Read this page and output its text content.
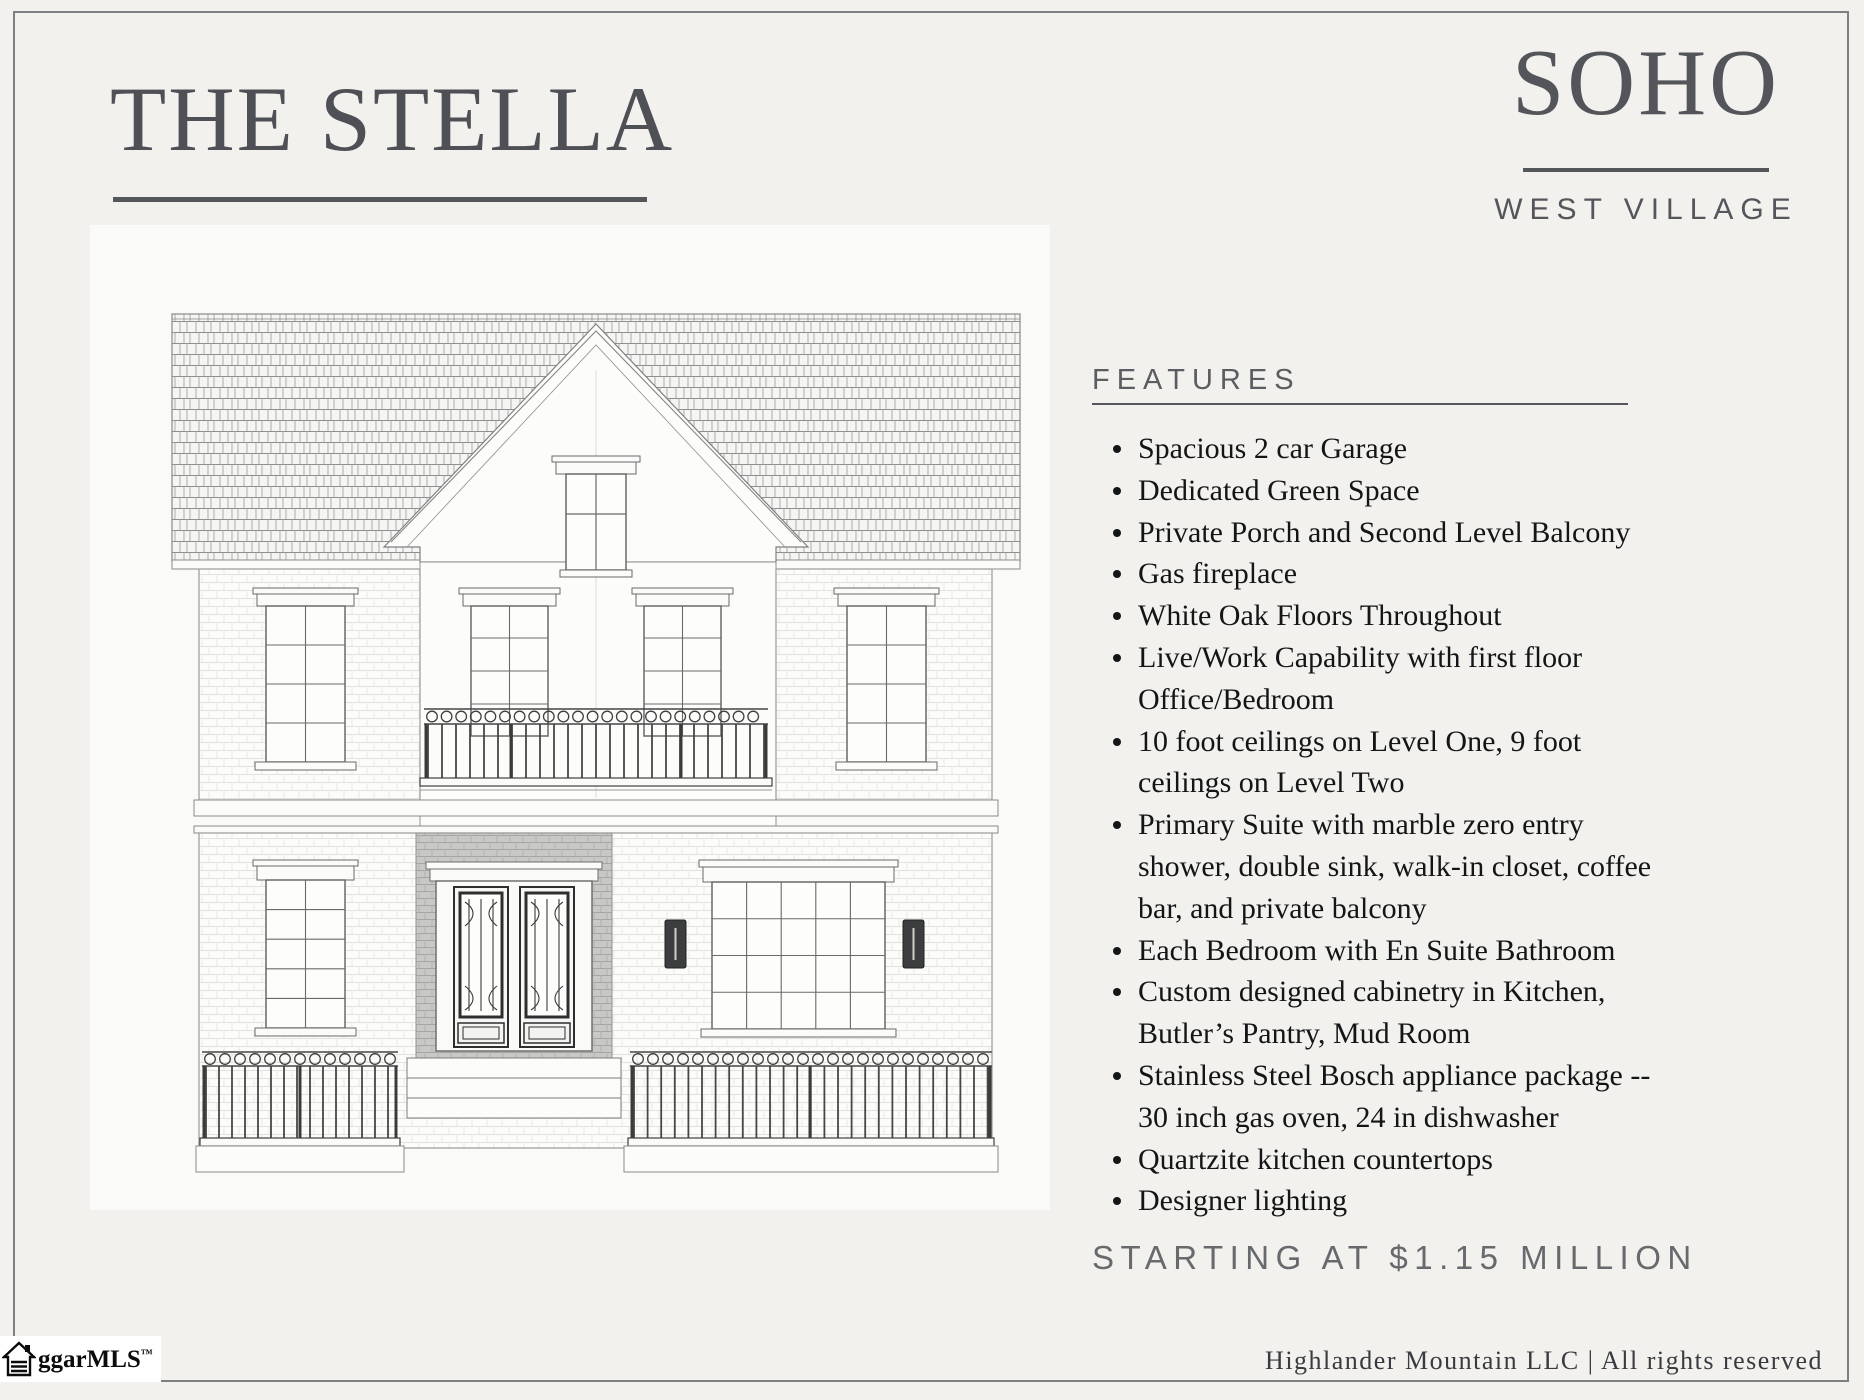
THE STELLA	SOHO
WEST VILLAGE
FEATURES
Spacious 2 car Garage
Dedicated Green Space
Private Porch and Second Level Balcony
Gas fireplace
White Oak Floors Throughout
Live/Work Capability with first floor
Office/Bedroom
10 foot ceilings on Level One, 9 foot
ceilings on Level Two
Primary Suite with marble zero entry
shower, double sink, walk-in closet, coffee
bar, and private balcony
Each Bedroom with En Suite Bathroom
Custom designed cabinetry in Kitchen,
Butler’s Pantry, Mud Room
Stainless Steel Bosch appliance package --
30 inch gas oven, 24 in dishwasher
Quartzite kitchen countertops
Designer lighting
STARTING AT $1.15 MILLION
Highlander Mountain LLC | All rights reserved
ggarMLS™
